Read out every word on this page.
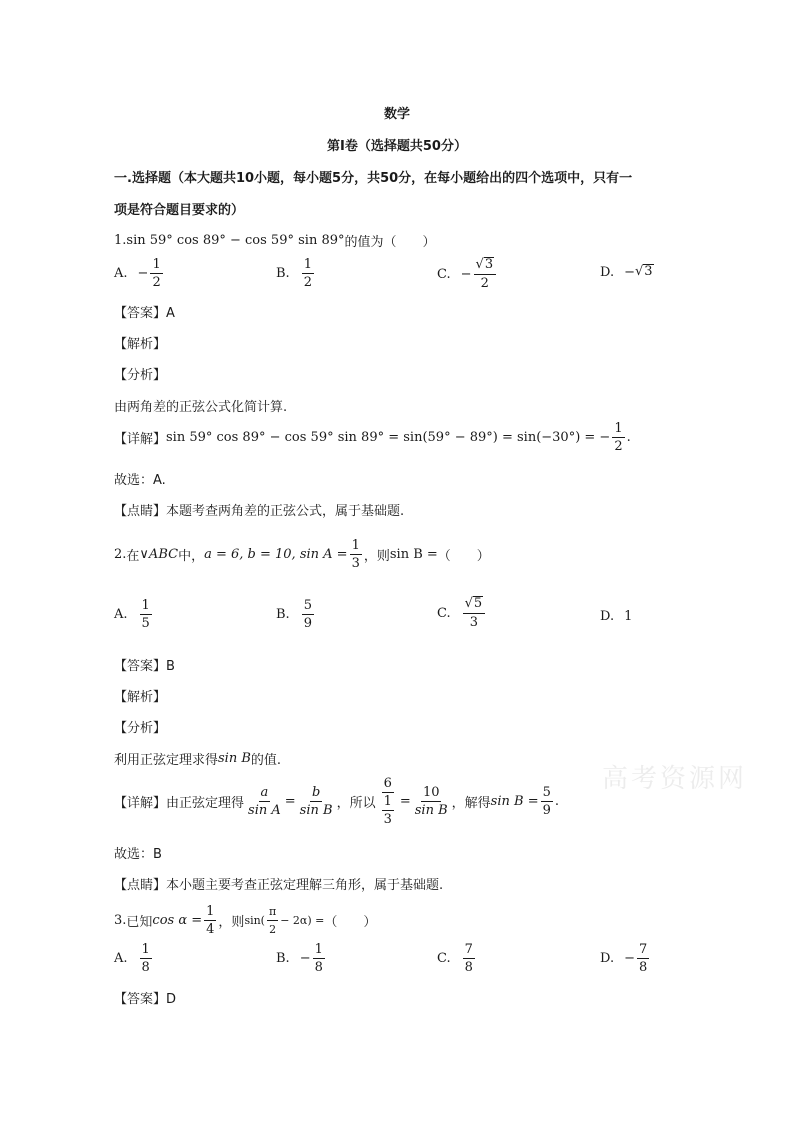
高考资源网
数学
第Ⅰ卷（选择题共50分）
一.选择题（本大题共10小题，每小题5分，共50分，在每小题给出的四个选项中，只有一
项是符合题目要求的）
1. sin 59° cos 89° − cos 59° sin 89° 的值为（　　）
A. − $\frac{1}{2}$	B. $\frac{1}{2}$	C. − $\frac{√ 3}{2}$	D. − √ 3
【答案】A
【解析】
【分析】
由两角差的正弦公式化简计算.
【详解】 sin 59° cos 89° − cos 59° sin 89° = sin(59° − 89°) = sin(−30°) = − $\frac{1}{2}$ .
故选：A.
【点睛】本题考查两角差的正弦公式，属于基础题.
2. 在 ∨ABC 中， a = 6, b = 10, $\sin A = \frac{1}{3}$ ，则 sin B = （　　）
A. $\frac{1}{5}$	B. $\frac{5}{9}$	C. $\frac{√ 5}{3}$	D. 1
【答案】B
【解析】
【分析】
利用正弦定理求得 sin B 的值.
【详解】 由正弦定理得 $\frac{a}{\text{sin A}} = \frac{b}{\text{sin B}}$ ，所以 $\frac{6}{\frac{1}{3}} = \frac{10}{\text{sin B}}$ ，解得 $\sin B = \frac{5}{9}$ .
故选：B
【点睛】本小题主要考查正弦定理解三角形，属于基础题.
3. 已知 $\cos \alpha = \frac{1}{4}$ ，则 $\sin( \frac{\pi}{2} - 2\alpha)$ = （　　）
A. $\frac{1}{8}$	B. − $\frac{1}{8}$	C. $\frac{7}{8}$	D. − $\frac{7}{8}$
【答案】D
